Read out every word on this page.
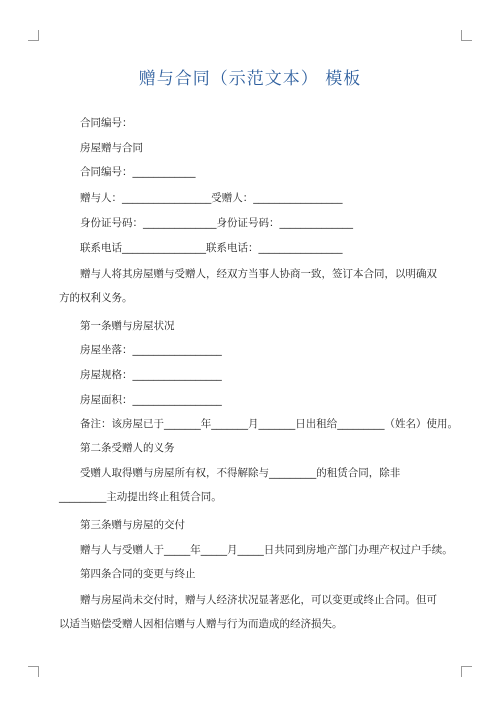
赠与合同（示范文本） 模板
合同编号：
房屋赠与合同
合同编号：____________
赠与人：_________________受赠人：_________________
身份证号码：______________身份证号码：______________
联系电话________________联系电话：________________
赠与人将其房屋赠与受赠人，经双方当事人协商一致，签订本合同，以明确双方的权利义务。
第一条赠与房屋状况
房屋坐落：_________________
房屋规格：_________________
房屋面积：_________________
备注：该房屋已于_______年_______月_______日出租给_________（姓名）使用。
第二条受赠人的义务
受赠人取得赠与房屋所有权，不得解除与_________的租赁合同，除非_________主动提出终止租赁合同。
第三条赠与房屋的交付
赠与人与受赠人于_____年_____月_____日共同到房地产部门办理产权过户手续。
第四条合同的变更与终止
赠与房屋尚未交付时，赠与人经济状况显著恶化，可以变更或终止合同。但可以适当赔偿受赠人因相信赠与人赠与行为而造成的经济损失。
